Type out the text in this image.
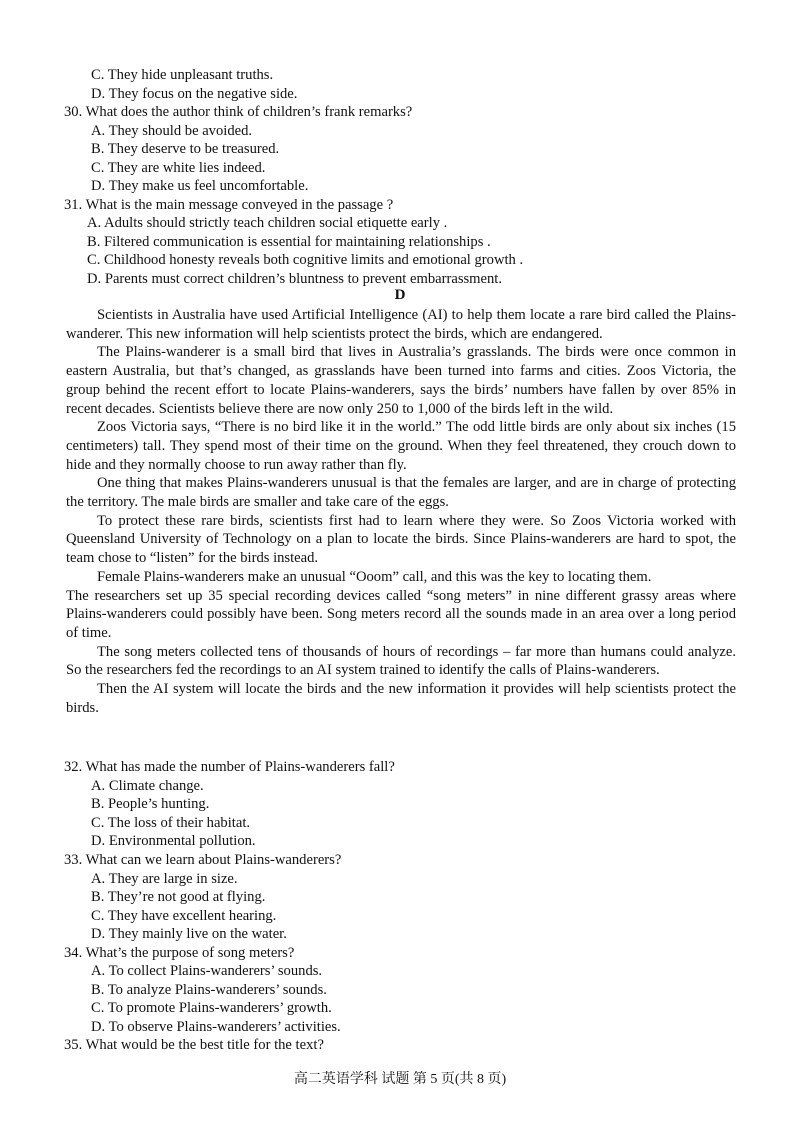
C. They hide unpleasant truths.
D. They focus on the negative side.
30. What does the author think of children’s frank remarks?
A. They should be avoided.
B. They deserve to be treasured.
C. They are white lies indeed.
D. They make us feel uncomfortable.
31. What is the main message conveyed in the passage ?
A. Adults should strictly teach children social etiquette early .
B. Filtered communication is essential for maintaining relationships .
C. Childhood honesty reveals both cognitive limits and emotional growth .
D. Parents must correct children’s bluntness to prevent embarrassment.
D

Scientists in Australia have used Artificial Intelligence (AI) to help them locate a rare bird called the Plains-wanderer. This new information will help scientists protect the birds, which are endangered.

The Plains-wanderer is a small bird that lives in Australia’s grasslands. The birds were once common in eastern Australia, but that’s changed, as grasslands have been turned into farms and cities. Zoos Victoria, the group behind the recent effort to locate Plains-wanderers, says the birds’ numbers have fallen by over 85% in recent decades. Scientists believe there are now only 250 to 1,000 of the birds left in the wild.

Zoos Victoria says, “There is no bird like it in the world.” The odd little birds are only about six inches (15 centimeters) tall. They spend most of their time on the ground. When they feel threatened, they crouch down to hide and they normally choose to run away rather than fly.

One thing that makes Plains-wanderers unusual is that the females are larger, and are in charge of protecting the territory. The male birds are smaller and take care of the eggs.

To protect these rare birds, scientists first had to learn where they were. So Zoos Victoria worked with Queensland University of Technology on a plan to locate the birds. Since Plains-wanderers are hard to spot, the team chose to “listen” for the birds instead.

Female Plains-wanderers make an unusual “Ooom” call, and this was the key to locating them.

The researchers set up 35 special recording devices called “song meters” in nine different grassy areas where Plains-wanderers could possibly have been. Song meters record all the sounds made in an area over a long period of time.

The song meters collected tens of thousands of hours of recordings – far more than humans could analyze. So the researchers fed the recordings to an AI system trained to identify the calls of Plains-wanderers.

Then the AI system will locate the birds and the new information it provides will help scientists protect the birds.

32. What has made the number of Plains-wanderers fall?
A. Climate change.
B. People’s hunting.
C. The loss of their habitat.
D. Environmental pollution.
33. What can we learn about Plains-wanderers?
A. They are large in size.
B. They’re not good at flying.
C. They have excellent hearing.
D. They mainly live on the water.
34. What’s the purpose of song meters?
A. To collect Plains-wanderers’ sounds.
B. To analyze Plains-wanderers’ sounds.
C. To promote Plains-wanderers’ growth.
D. To observe Plains-wanderers’ activities.
35. What would be the best title for the text?
高二英语学科 试题 第 5 页(共 8 页)
